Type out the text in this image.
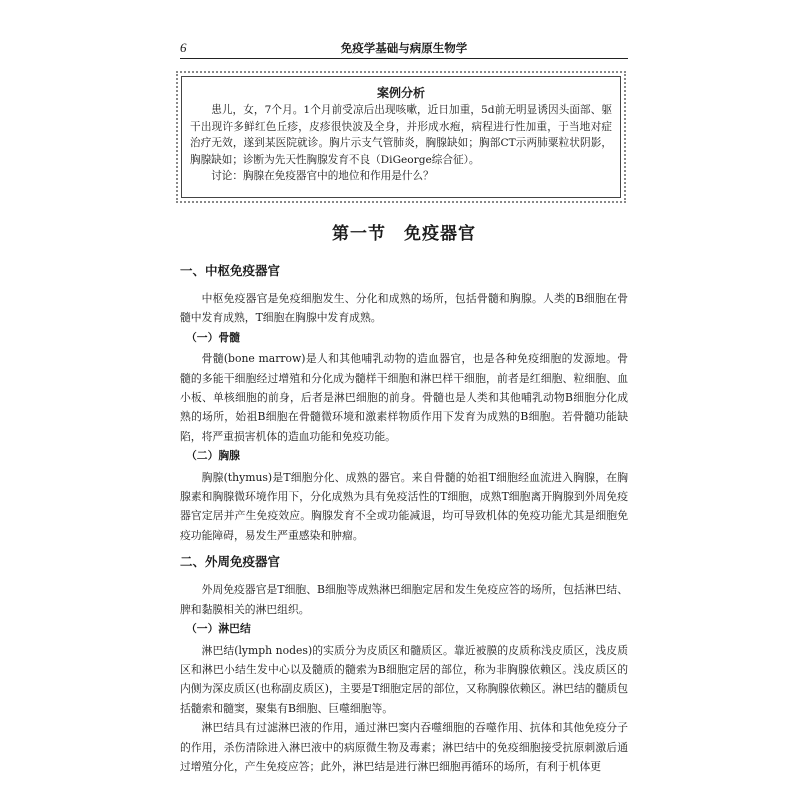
6	免疫学基础与病原生物学
案例分析

患儿，女，7个月。1个月前受凉后出现咳嗽，近日加重，5d前无明显诱因头面部、躯干出现许多鲜红色丘疹，皮疹很快波及全身，并形成水疱，病程进行性加重，于当地对症治疗无效，遂到某医院就诊。胸片示支气管肺炎，胸腺缺如；胸部CT示两肺粟粒状阴影，胸腺缺如；诊断为先天性胸腺发育不良（DiGeorge综合征）。

讨论：胸腺在免疫器官中的地位和作用是什么？

第一节　免疫器官
一、中枢免疫器官

中枢免疫器官是免疫细胞发生、分化和成熟的场所，包括骨髓和胸腺。人类的B细胞在骨髓中发育成熟，T细胞在胸腺中发育成熟。

（一）骨髓

骨髓(bone marrow)是人和其他哺乳动物的造血器官，也是各种免疫细胞的发源地。骨髓的多能干细胞经过增殖和分化成为髓样干细胞和淋巴样干细胞，前者是红细胞、粒细胞、血小板、单核细胞的前身，后者是淋巴细胞的前身。骨髓也是人类和其他哺乳动物B细胞分化成熟的场所，始祖B细胞在骨髓微环境和激素样物质作用下发育为成熟的B细胞。若骨髓功能缺陷，将严重损害机体的造血功能和免疫功能。

（二）胸腺

胸腺(thymus)是T细胞分化、成熟的器官。来自骨髓的始祖T细胞经血流进入胸腺，在胸腺素和胸腺微环境作用下，分化成熟为具有免疫活性的T细胞，成熟T细胞离开胸腺到外周免疫器官定居并产生免疫效应。胸腺发育不全或功能减退，均可导致机体的免疫功能尤其是细胞免疫功能障碍，易发生严重感染和肿瘤。

二、外周免疫器官

外周免疫器官是T细胞、B细胞等成熟淋巴细胞定居和发生免疫应答的场所，包括淋巴结、脾和黏膜相关的淋巴组织。

（一）淋巴结

淋巴结(lymph nodes)的实质分为皮质区和髓质区。靠近被膜的皮质称浅皮质区，浅皮质区和淋巴小结生发中心以及髓质的髓索为B细胞定居的部位，称为非胸腺依赖区。浅皮质区的内侧为深皮质区(也称副皮质区)，主要是T细胞定居的部位，又称胸腺依赖区。淋巴结的髓质包括髓索和髓窦，聚集有B细胞、巨噬细胞等。

淋巴结具有过滤淋巴液的作用，通过淋巴窦内吞噬细胞的吞噬作用、抗体和其他免疫分子的作用，杀伤清除进入淋巴液中的病原微生物及毒素；淋巴结中的免疫细胞接受抗原刺激后通过增殖分化，产生免疫应答；此外，淋巴结是进行淋巴细胞再循环的场所，有利于机体更
